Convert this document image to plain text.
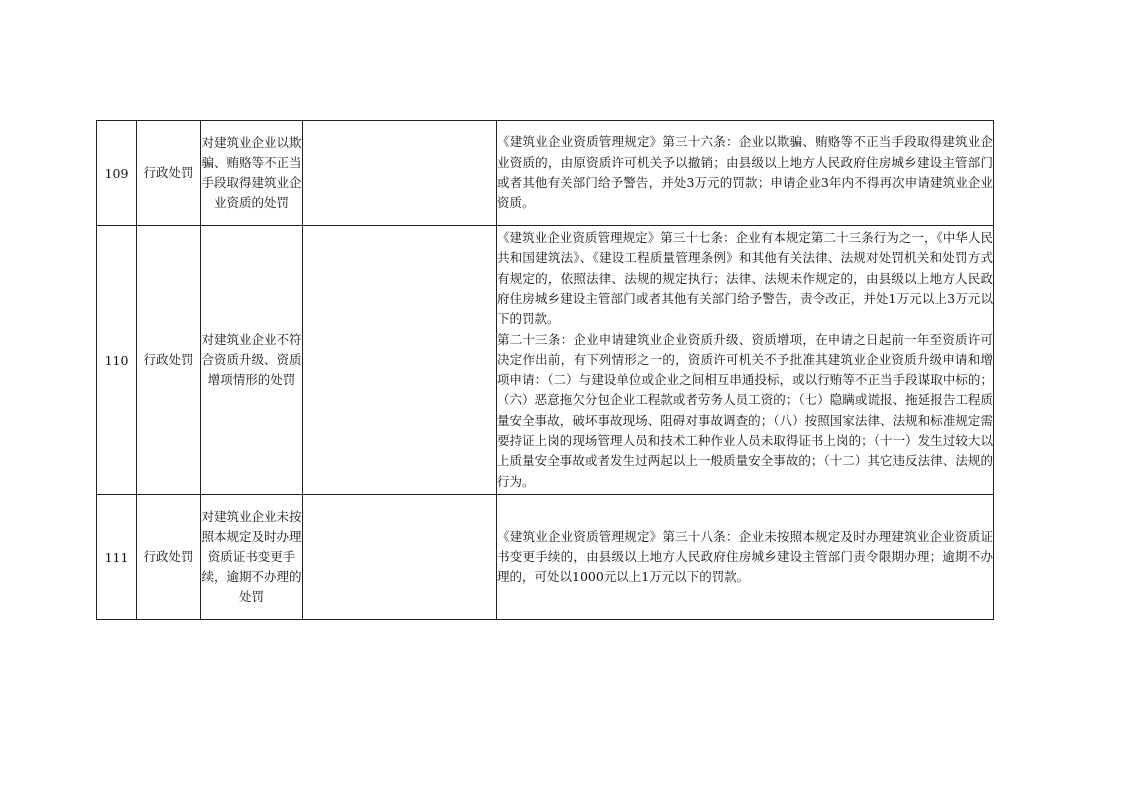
109	行政处罚	对建筑业企业以欺骗、贿赂等不正当手段取得建筑业企业资质的处罚		《建筑业企业资质管理规定》第三十六条：企业以欺骗、贿赂等不正当手段取得建筑业企业资质的，由原资质许可机关予以撤销；由县级以上地方人民政府住房城乡建设主管部门或者其他有关部门给予警告，并处3万元的罚款；申请企业3年内不得再次申请建筑业企业资质。

110	行政处罚	对建筑业企业不符合资质升级、资质增项情形的处罚		《建筑业企业资质管理规定》第三十七条：企业有本规定第二十三条行为之一，《中华人民共和国建筑法》、《建设工程质量管理条例》和其他有关法律、法规对处罚机关和处罚方式有规定的，依照法律、法规的规定执行；法律、法规未作规定的，由县级以上地方人民政府住房城乡建设主管部门或者其他有关部门给予警告，责令改正，并处1万元以上3万元以下的罚款。

第二十三条：企业申请建筑业企业资质升级、资质增项，在申请之日起前一年至资质许可决定作出前，有下列情形之一的，资质许可机关不予批准其建筑业企业资质升级申请和增项申请：（二）与建设单位或企业之间相互串通投标，或以行贿等不正当手段谋取中标的；（六）恶意拖欠分包企业工程款或者劳务人员工资的；（七）隐瞒或谎报、拖延报告工程质量安全事故，破坏事故现场、阻碍对事故调查的；（八）按照国家法律、法规和标准规定需要持证上岗的现场管理人员和技术工种作业人员未取得证书上岗的；（十一）发生过较大以上质量安全事故或者发生过两起以上一般质量安全事故的；（十二）其它违反法律、法规的行为。

111	行政处罚	对建筑业企业未按照本规定及时办理资质证书变更手续，逾期不办理的处罚		《建筑业企业资质管理规定》第三十八条：企业未按照本规定及时办理建筑业企业资质证书变更手续的，由县级以上地方人民政府住房城乡建设主管部门责令限期办理；逾期不办理的，可处以1000元以上1万元以下的罚款。
